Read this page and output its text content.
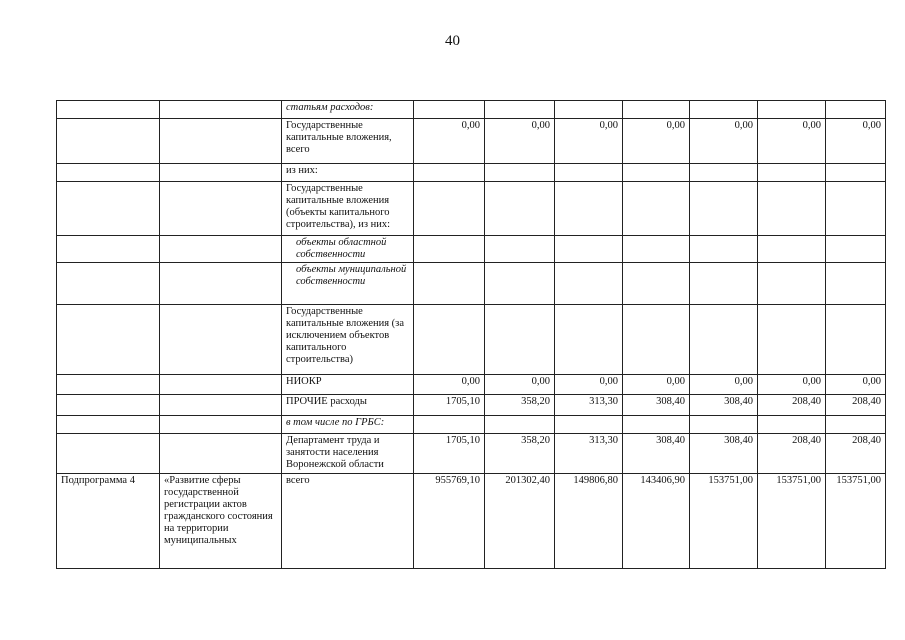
40
		статьям расходов:							
		Государственные капитальные вложения, всего	0,00	0,00	0,00	0,00	0,00	0,00	0,00
		из них:							
		Государственные капитальные вложения (объекты капитального строительства), из них:							
		объекты областной собственности							
		объекты муниципальной собственности							
		Государственные капитальные вложения (за исключением объектов капитального строительства)							
		НИОКР	0,00	0,00	0,00	0,00	0,00	0,00	0,00
		ПРОЧИЕ расходы	1705,10	358,20	313,30	308,40	308,40	208,40	208,40
		в том числе по ГРБС:							
		Департамент труда и занятости населения Воронежской области	1705,10	358,20	313,30	308,40	308,40	208,40	208,40
Подпрограмма 4	«Развитие сферы государственной регистрации актов гражданского состояния на территории муниципальных	всего	955769,10	201302,40	149806,80	143406,90	153751,00	153751,00	153751,00
